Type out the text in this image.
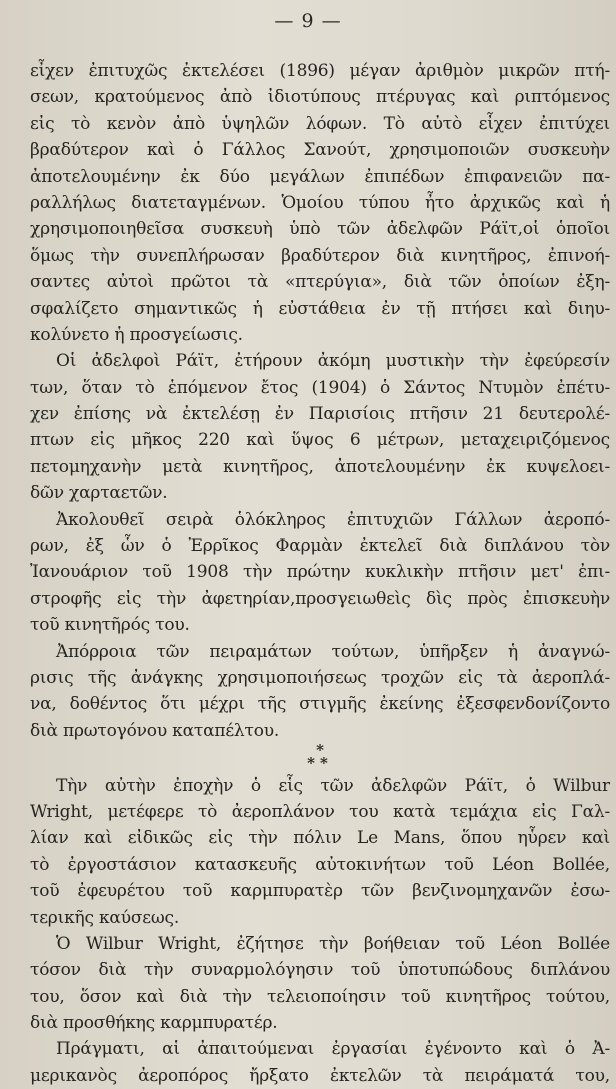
— 9 —
εἶχεν ἐπιτυχῶς ἐκτελέσει (1896) μέγαν ἀριθμὸν μικρῶν πτή-
σεων, κρατούμενος ἀπὸ ἰδιοτύπους πτέρυγας καὶ ριπτόμενος
εἰς τὸ κενὸν ἀπὸ ὑψηλῶν λόφων. Τὸ αὐτὸ εἶχεν ἐπιτύχει
βραδύτερον καὶ ὁ Γάλλος Σανούτ, χρησιμοποιῶν συσκευὴν
ἀποτελουμένην ἐκ δύο μεγάλων ἐπιπέδων ἐπιφανειῶν πα-
ραλλήλως διατεταγμένων. Ὁμοίου τύπου ἦτο ἀρχικῶς καὶ ἡ
χρησιμοποιηθεῖσα συσκευὴ ὑπὸ τῶν ἀδελφῶν Ράϊτ,οἱ ὁποῖοι
ὅμως τὴν συνεπλήρωσαν βραδύτερον διὰ κινητῆρος, ἐπινοή-
σαντες αὐτοὶ πρῶτοι τὰ «πτερύγια», διὰ τῶν ὁποίων ἐξη-
σφαλίζετο σημαντικῶς ἡ εὐστάθεια ἐν τῇ πτήσει καὶ διηυ-
κολύνετο ἡ προσγείωσις.
Οἱ ἀδελφοὶ Ράϊτ, ἐτήρουν ἀκόμη μυστικὴν τὴν ἐφεύρεσίν
των, ὅταν τὸ ἑπόμενον ἔτος (1904) ὁ Σάντος Ντυμὸν ἐπέτυ-
χεν ἐπίσης νὰ ἐκτελέσῃ ἐν Παρισίοις πτῆσιν 21 δευτερολέ-
πτων εἰς μῆκος 220 καὶ ὕψος 6 μέτρων, μεταχειριζόμενος
πετομηχανὴν μετὰ κινητῆρος, ἀποτελουμένην ἐκ κυψελοει-
δῶν χαρταετῶν.
Ἀκολουθεῖ σειρὰ ὁλόκληρος ἐπιτυχιῶν Γάλλων ἀεροπό-
ρων, ἐξ ὧν ὁ Ἐρρῖκος Φαρμὰν ἐκτελεῖ διὰ διπλάνου τὸν
Ἰανουάριον τοῦ 1908 τὴν πρώτην κυκλικὴν πτῆσιν μετ' ἐπι-
στροφῆς εἰς τὴν ἀφετηρίαν,προσγειωθεὶς δὶς πρὸς ἐπισκευὴν
τοῦ κινητῆρός του.
Ἀπόρροια τῶν πειραμάτων τούτων, ὑπῆρξεν ἡ ἀναγνώ-
ρισις τῆς ἀνάγκης χρησιμοποιήσεως τροχῶν εἰς τὰ ἀεροπλά-
να, δοθέντος ὅτι μέχρι τῆς στιγμῆς ἐκείνης ἐξεσφενδονίζοντο
διὰ πρωτογόνου καταπέλτου.
*
**
Τὴν αὐτὴν ἐποχὴν ὁ εἷς τῶν ἀδελφῶν Ράϊτ, ὁ Wilbur
Wright, μετέφερε τὸ ἀεροπλάνον του κατὰ τεμάχια εἰς Γαλ-
λίαν καὶ εἰδικῶς εἰς τὴν πόλιν Le Mans, ὅπου ηὗρεν καὶ
τὸ ἐργοστάσιον κατασκευῆς αὐτοκινήτων τοῦ Léon Bollée,
τοῦ ἐφευρέτου τοῦ καρμπυρατὲρ τῶν βενζινομηχανῶν ἐσω-
τερικῆς καύσεως.
Ὁ Wilbur Wright, ἐζήτησε τὴν βοήθειαν τοῦ Léon Bollée
τόσον διὰ τὴν συναρμολόγησιν τοῦ ὑποτυπώδους διπλάνου
του, ὅσον καὶ διὰ τὴν τελειοποίησιν τοῦ κινητῆρος τούτου,
διὰ προσθήκης καρμπυρατέρ.
Πράγματι, αἱ ἀπαιτούμεναι ἐργασίαι ἐγένοντο καὶ ὁ Ἀ-
μερικανὸς ἀεροπόρος ἤρξατο ἐκτελῶν τὰ πειράματά του,
